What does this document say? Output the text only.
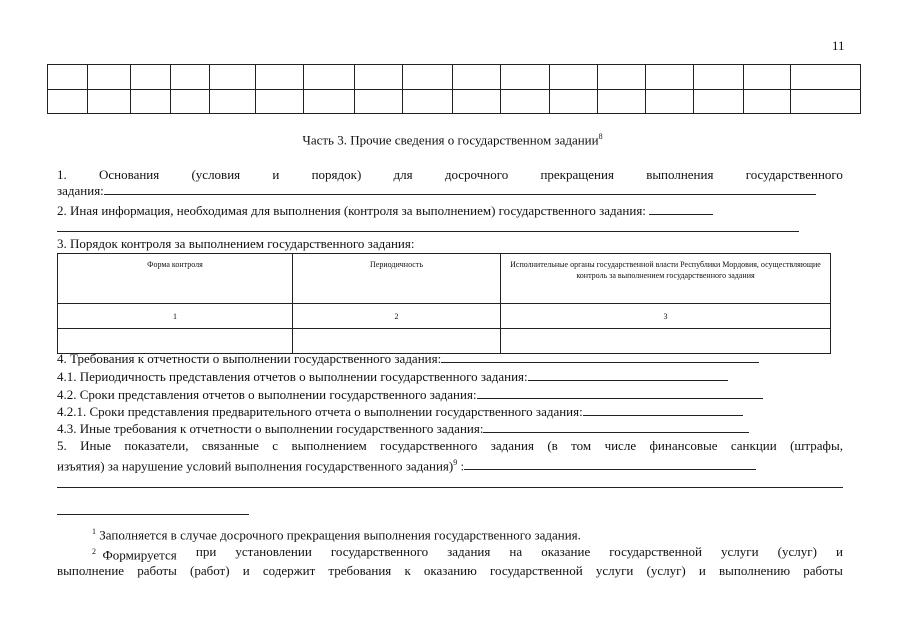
11

Часть 3. Прочие сведения о государственном задании$^8$
1. Основания (условия и порядок) для досрочного прекращения выполнения государственного
задания:
2. Иная информация, необходимая для выполнения (контроля за выполнением) государственного задания:
3. Порядок контроля за выполнением государственного задания:
Форма контроля	Периодичность	Исполнительные органы государственной власти Республики Мордовия, осуществляющие контроль за выполнением государственного задания
1	2	3

4. Требования к отчетности о выполнении государственного задания:
4.1. Периодичность представления отчетов о выполнении государственного задания:
4.2. Сроки представления отчетов о выполнении государственного задания:
4.2.1. Сроки представления предварительного отчета о выполнении государственного задания:
4.3. Иные требования к отчетности о выполнении государственного задания:
5. Иные показатели, связанные с выполнением государственного задания (в том числе финансовые санкции (штрафы,
изъятия) за нарушение условий выполнения государственного задания)$^9$ :
$^1$ Заполняется в случае досрочного прекращения выполнения государственного задания.
$^2$ Формируется при установлении государственного задания на оказание государственной услуги (услуг) и
выполнение работы (работ) и содержит требования к оказанию государственной услуги (услуг) и выполнению работы
